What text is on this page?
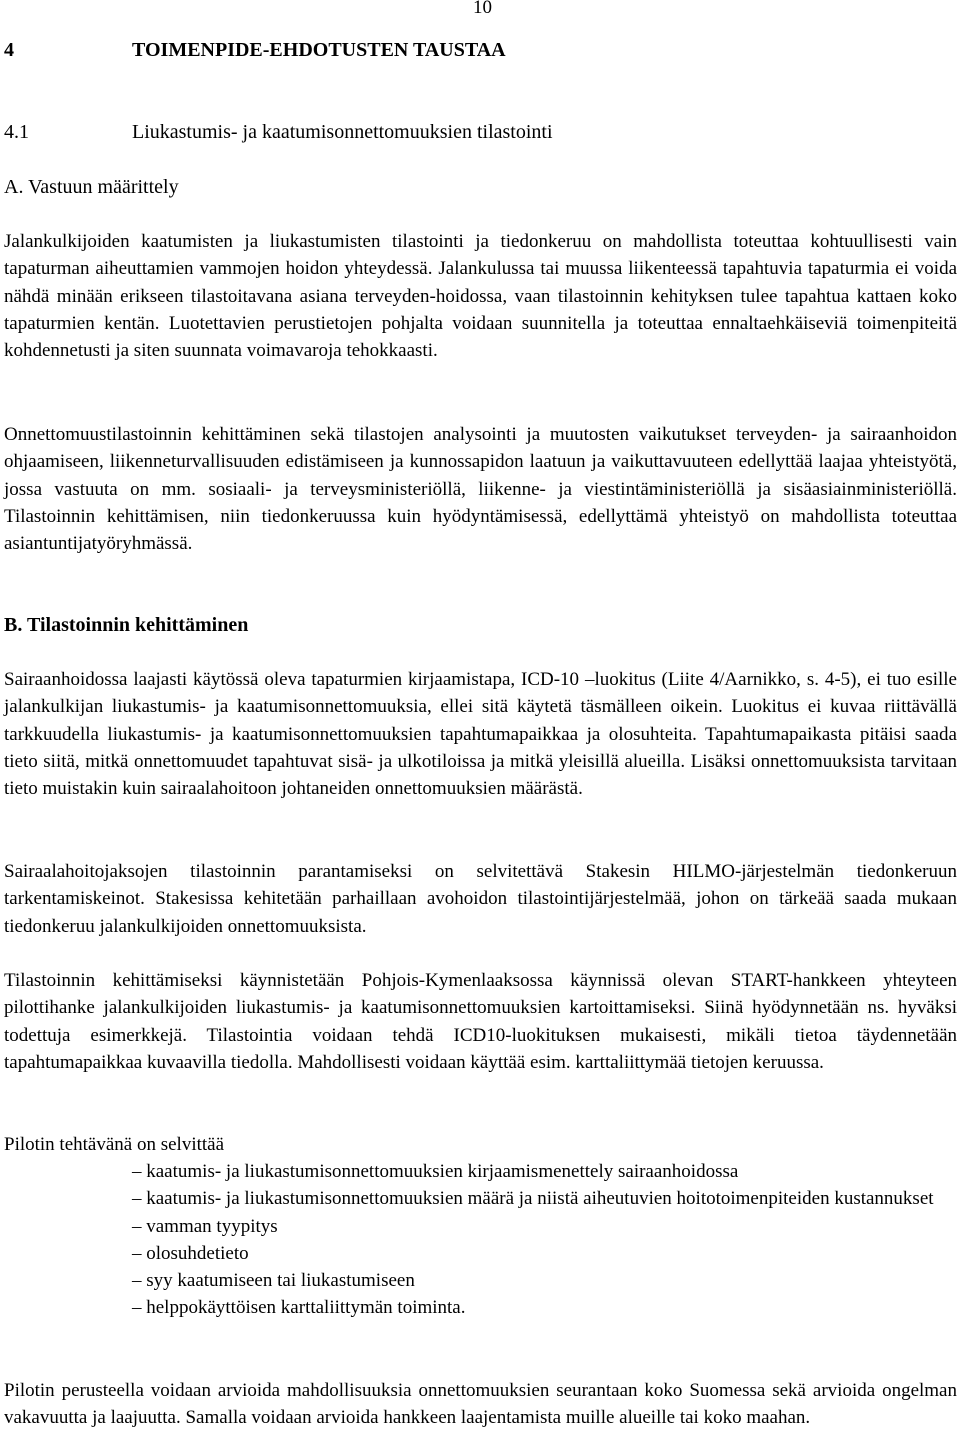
10
4	TOIMENPIDE-EHDOTUSTEN TAUSTAA
4.1	Liukastumis- ja kaatumisonnettomuuksien tilastointi
A. Vastuun määrittely

Jalankulkijoiden kaatumisten ja liukastumisten tilastointi ja tiedonkeruu on mahdollista toteuttaa kohtuullisesti vain tapaturman aiheuttamien vammojen hoidon yhteydessä. Jalankulussa tai muussa liikenteessä tapahtuvia tapaturmia ei voida nähdä minään erikseen tilastoitavana asiana terveyden-hoidossa, vaan tilastoinnin kehityksen tulee tapahtua kattaen koko tapaturmien kentän. Luotettavien perustietojen pohjalta voidaan suunnitella ja toteuttaa ennaltaehkäiseviä toimenpiteitä kohdennetusti ja siten suunnata voimavaroja tehokkaasti.

Onnettomuustilastoinnin kehittäminen sekä tilastojen analysointi ja muutosten vaikutukset terveyden- ja sairaanhoidon ohjaamiseen, liikenneturvallisuuden edistämiseen ja kunnossapidon laatuun ja vaikuttavuuteen edellyttää laajaa yhteistyötä, jossa vastuuta on mm. sosiaali- ja terveysministeriöllä, liikenne- ja viestintäministeriöllä ja sisäasiainministeriöllä. Tilastoinnin kehittämisen, niin tiedonkeruussa kuin hyödyntämisessä, edellyttämä yhteistyö on mahdollista toteuttaa asiantuntijatyöryhmässä.

B. Tilastoinnin kehittäminen

Sairaanhoidossa laajasti käytössä oleva tapaturmien kirjaamistapa, ICD-10 –luokitus (Liite 4/Aarnikko, s. 4-5), ei tuo esille jalankulkijan liukastumis- ja kaatumisonnettomuuksia, ellei sitä käytetä täsmälleen oikein. Luokitus ei kuvaa riittävällä tarkkuudella liukastumis- ja kaatumisonnettomuuksien tapahtumapaikkaa ja olosuhteita. Tapahtumapaikasta pitäisi saada tieto siitä, mitkä onnettomuudet tapahtuvat sisä- ja ulkotiloissa ja mitkä yleisillä alueilla. Lisäksi onnettomuuksista tarvitaan tieto muistakin kuin sairaalahoitoon johtaneiden onnettomuuksien määrästä.

Sairaalahoitojaksojen tilastoinnin parantamiseksi on selvitettävä Stakesin HILMO-järjestelmän tiedonkeruun tarkentamiskeinot. Stakesissa kehitetään parhaillaan avohoidon tilastointijärjestelmää, johon on tärkeää saada mukaan tiedonkeruu jalankulkijoiden onnettomuuksista.

Tilastoinnin kehittämiseksi käynnistetään Pohjois-Kymenlaaksossa käynnissä olevan START-hankkeen yhteyteen pilottihanke jalankulkijoiden liukastumis- ja kaatumisonnettomuuksien kartoittamiseksi. Siinä hyödynnetään ns. hyväksi todettuja esimerkkejä. Tilastointia voidaan tehdä ICD10-luokituksen mukaisesti, mikäli tietoa täydennetään tapahtumapaikkaa kuvaavilla tiedolla. Mahdollisesti voidaan käyttää esim. karttaliittymää tietojen keruussa.

Pilotin tehtävänä on selvittää

– kaatumis- ja liukastumisonnettomuuksien kirjaamismenettely sairaanhoidossa
– kaatumis- ja liukastumisonnettomuuksien määrä ja niistä aiheutuvien hoitotoimenpiteiden kustannukset
– vamman tyypitys
– olosuhdetieto
– syy kaatumiseen tai liukastumiseen
– helppokäyttöisen karttaliittymän toiminta.

Pilotin perusteella voidaan arvioida mahdollisuuksia onnettomuuksien seurantaan koko Suomessa sekä arvioida ongelman vakavuutta ja laajuutta. Samalla voidaan arvioida hankkeen laajentamista muille alueille tai koko maahan.
